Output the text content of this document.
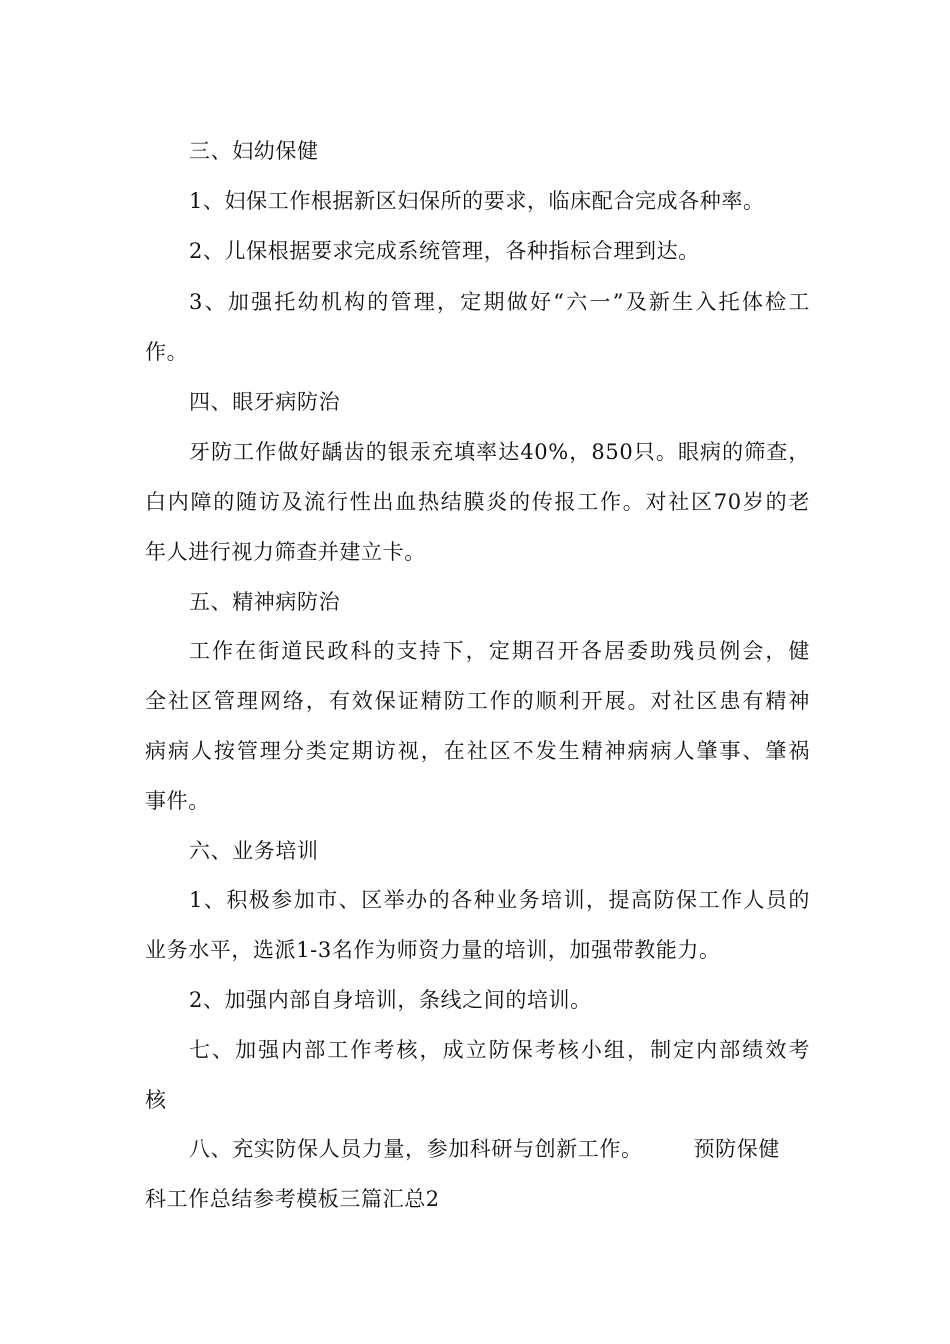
三、妇幼保健
1、妇保工作根据新区妇保所的要求，临床配合完成各种率。
2、儿保根据要求完成系统管理，各种指标合理到达。
3、加强托幼机构的管理，定期做好“六一”及新生入托体检工
作。
四、眼牙病防治
牙防工作做好龋齿的银汞充填率达40%，850只。眼病的筛查，
白内障的随访及流行性出血热结膜炎的传报工作。对社区70岁的老
年人进行视力筛查并建立卡。
五、精神病防治
工作在街道民政科的支持下，定期召开各居委助残员例会，健
全社区管理网络，有效保证精防工作的顺利开展。对社区患有精神
病病人按管理分类定期访视，在社区不发生精神病病人肇事、肇祸
事件。
六、业务培训
1、积极参加市、区举办的各种业务培训，提高防保工作人员的
业务水平，选派1-3名作为师资力量的培训，加强带教能力。
2、加强内部自身培训，条线之间的培训。
七、加强内部工作考核，成立防保考核小组，制定内部绩效考
核
八、充实防保人员力量，参加科研与创新工作。       预防保健
科工作总结参考模板三篇汇总2
